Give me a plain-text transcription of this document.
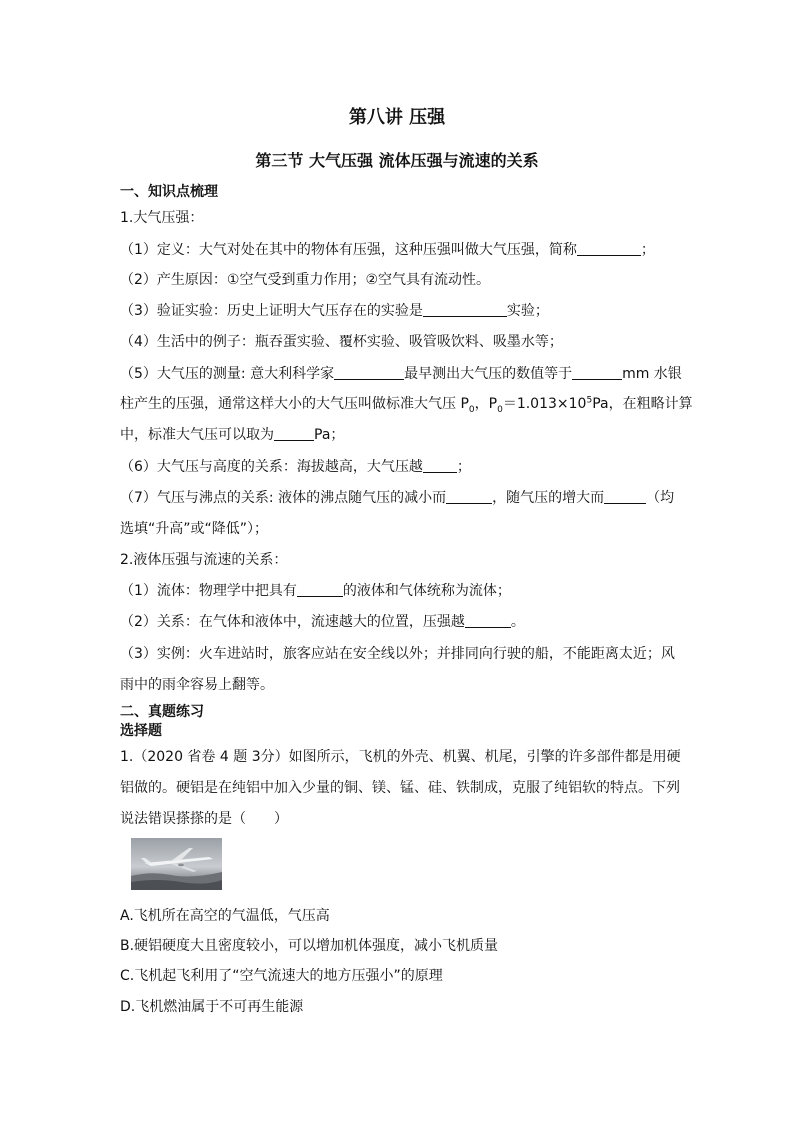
第八讲 压强
第三节 大气压强 流体压强与流速的关系
一、知识点梳理
1.大气压强：
（1）定义：大气对处在其中的物体有压强，这种压强叫做大气压强，简称	；
（2）产生原因：①空气受到重力作用；②空气具有流动性。
（3）验证实验：历史上证明大气压存在的实验是	实验；
（4）生活中的例子：瓶吞蛋实验、覆杯实验、吸管吸饮料、吸墨水等；
（5）大气压的测量: 意大利科学家	最早测出大气压的数值等于	mm 水银
柱产生的压强，通常这样大小的大气压叫做标准大气压 $P_0$，$P_0=1.013\times 10^5Pa$，在粗略计算
中，标准大气压可以取为	Pa；
（6）大气压与高度的关系：海拔越高，大气压越 ；
（7）气压与沸点的关系: 液体的沸点随气压的减小而	，随气压的增大而	（均
选填“升高”或“降低”）；
2.液体压强与流速的关系：
（1）流体：物理学中把具有	的液体和气体统称为流体；
（2）关系：在气体和液体中，流速越大的位置，压强越	。
（3）实例：火车进站时，旅客应站在安全线以外；并排同向行驶的船，不能距离太近；风
雨中的雨伞容易上翻等。
二、真题练习
选择题
1.（2020 省卷 4 题 3分）如图所示，飞机的外壳、机翼、机尾，引擎的许多部件都是用硬
铝做的。硬铝是在纯铝中加入少量的铜、镁、锰、硅、铁制成，克服了纯铝软的特点。下列
说法错误搽搽的是（　　）
A.飞机所在高空的气温低，气压高
B.硬铝硬度大且密度较小，可以增加机体强度，减小飞机质量
C.飞机起飞利用了“空气流速大的地方压强小”的原理
D.飞机燃油属于不可再生能源
